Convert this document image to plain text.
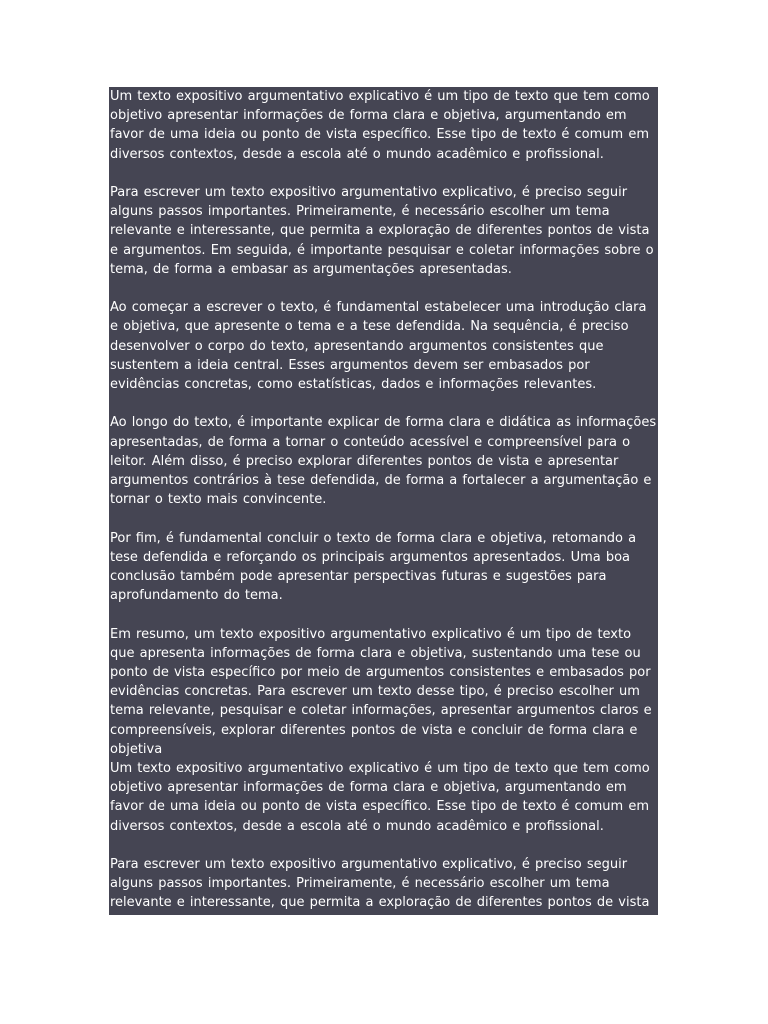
Um texto expositivo argumentativo explicativo é um tipo de texto que tem como objetivo apresentar informações de forma clara e objetiva, argumentando em favor de uma ideia ou ponto de vista específico. Esse tipo de texto é comum em diversos contextos, desde a escola até o mundo acadêmico e profissional.

Para escrever um texto expositivo argumentativo explicativo, é preciso seguir alguns passos importantes. Primeiramente, é necessário escolher um tema relevante e interessante, que permita a exploração de diferentes pontos de vista e argumentos. Em seguida, é importante pesquisar e coletar informações sobre o tema, de forma a embasar as argumentações apresentadas.

Ao começar a escrever o texto, é fundamental estabelecer uma introdução clara e objetiva, que apresente o tema e a tese defendida. Na sequência, é preciso desenvolver o corpo do texto, apresentando argumentos consistentes que sustentem a ideia central. Esses argumentos devem ser embasados por evidências concretas, como estatísticas, dados e informações relevantes.

Ao longo do texto, é importante explicar de forma clara e didática as informações apresentadas, de forma a tornar o conteúdo acessível e compreensível para o leitor. Além disso, é preciso explorar diferentes pontos de vista e apresentar argumentos contrários à tese defendida, de forma a fortalecer a argumentação e tornar o texto mais convincente.

Por fim, é fundamental concluir o texto de forma clara e objetiva, retomando a tese defendida e reforçando os principais argumentos apresentados. Uma boa conclusão também pode apresentar perspectivas futuras e sugestões para aprofundamento do tema.

Em resumo, um texto expositivo argumentativo explicativo é um tipo de texto que apresenta informações de forma clara e objetiva, sustentando uma tese ou ponto de vista específico por meio de argumentos consistentes e embasados por evidências concretas. Para escrever um texto desse tipo, é preciso escolher um tema relevante, pesquisar e coletar informações, apresentar argumentos claros e compreensíveis, explorar diferentes pontos de vista e concluir de forma clara e objetiva

Um texto expositivo argumentativo explicativo é um tipo de texto que tem como objetivo apresentar informações de forma clara e objetiva, argumentando em favor de uma ideia ou ponto de vista específico. Esse tipo de texto é comum em diversos contextos, desde a escola até o mundo acadêmico e profissional.

Para escrever um texto expositivo argumentativo explicativo, é preciso seguir alguns passos importantes. Primeiramente, é necessário escolher um tema relevante e interessante, que permita a exploração de diferentes pontos de vista
